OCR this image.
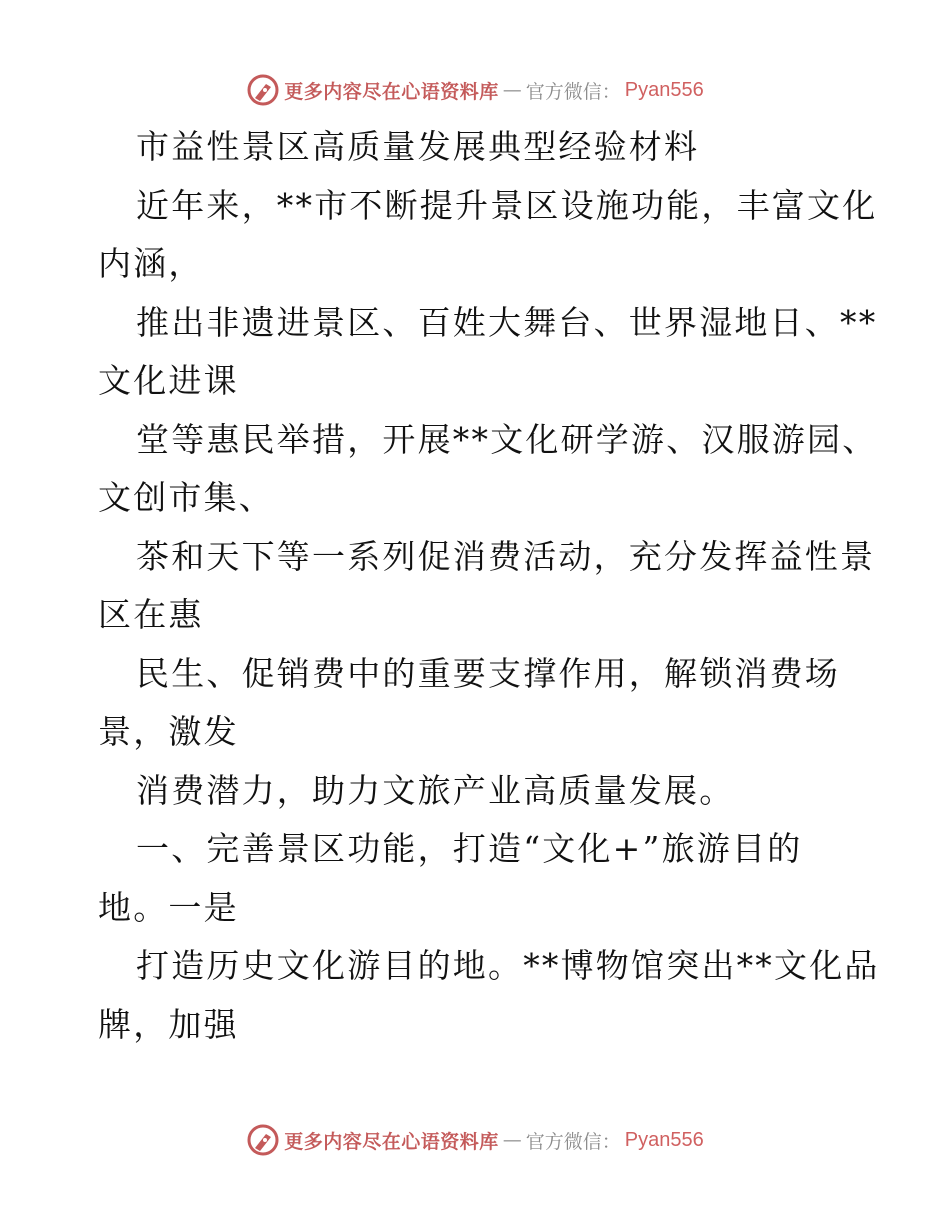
更多内容尽在心语资料库 — 官方微信： Pyan556
市益性景区高质量发展典型经验材料
近年来，**市不断提升景区设施功能，丰富文化
内涵，
推出非遗进景区、百姓大舞台、世界湿地日、**
文化进课
堂等惠民举措，开展**文化研学游、汉服游园、
文创市集、
茶和天下等一系列促消费活动，充分发挥益性景
区在惠
民生、促销费中的重要支撑作用，解锁消费场
景，激发
消费潜力，助力文旅产业高质量发展。
一、完善景区功能，打造“文化+”旅游目的
地。一是
打造历史文化游目的地。**博物馆突出**文化品
牌，加强
更多内容尽在心语资料库 — 官方微信： Pyan556
